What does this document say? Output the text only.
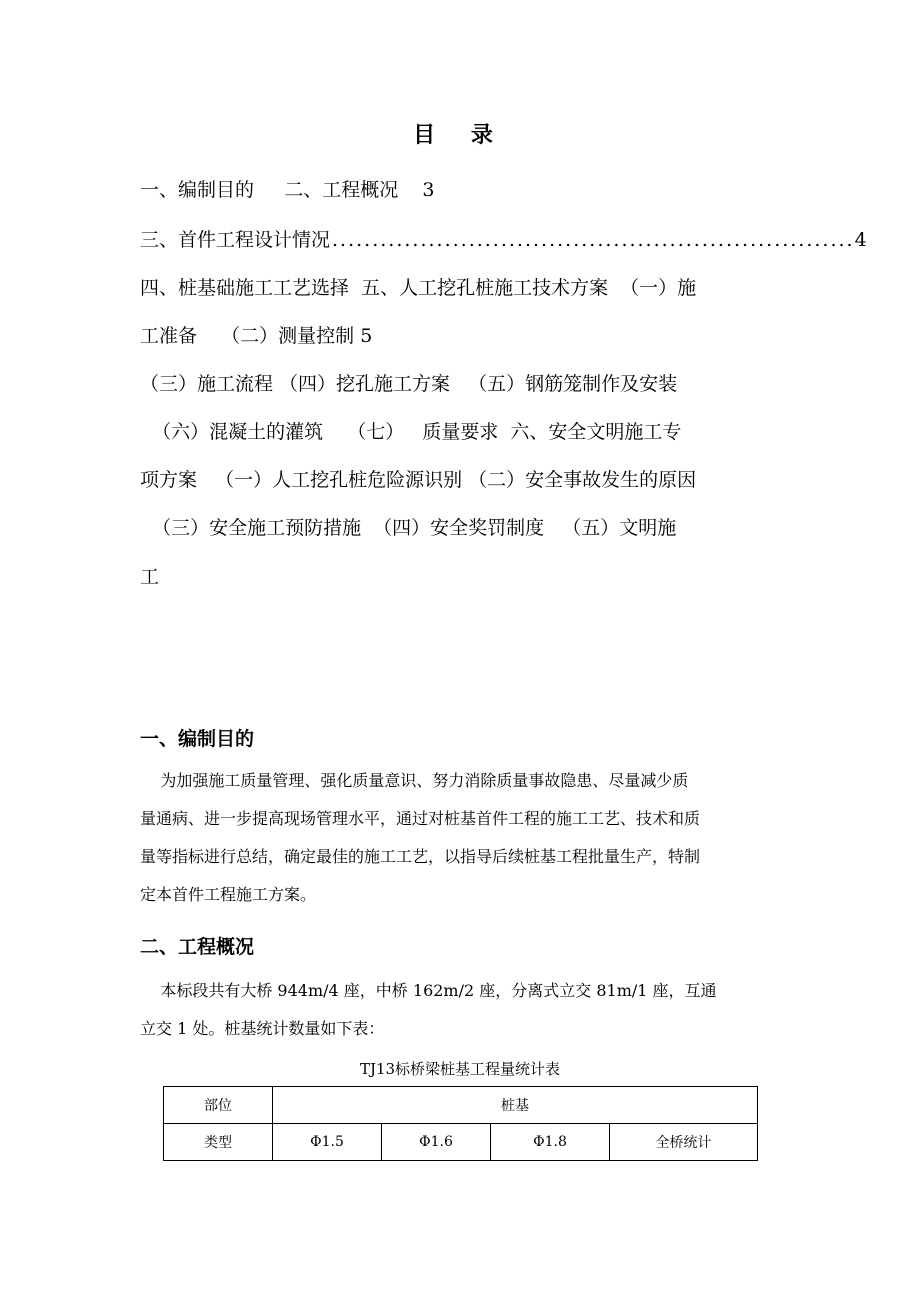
目 录
一、编制目的     二、工程概况    3
三、首件工程设计情况 ................................................................. 4
四、桩基础施工工艺选择  五、人工挖孔桩施工技术方案  （一）施
工准备    （二）测量控制 5
（三）施工流程 （四）挖孔施工方案   （五）钢筋笼制作及安装
（六）混凝土的灌筑    （七）   质量要求  六、安全文明施工专
项方案   （一）人工挖孔桩危险源识别 （二）安全事故发生的原因
（三）安全施工预防措施  （四）安全奖罚制度   （五）文明施
工
一、编制目的
为加强施工质量管理、强化质量意识、努力消除质量事故隐患、尽量减少质
量通病、进一步提高现场管理水平，通过对桩基首件工程的施工工艺、技术和质
量等指标进行总结，确定最佳的施工工艺，以指导后续桩基工程批量生产，特制
定本首件工程施工方案。
二、工程概况
本标段共有大桥 944m/4 座，中桥 162m/2 座，分离式立交 81m/1 座，互通
立交 1 处。桩基统计数量如下表：
TJ13标桥梁桩基工程量统计表
部位	桩基			
类型	Φ1.5	Φ1.6	Φ1.8	全桥统计
